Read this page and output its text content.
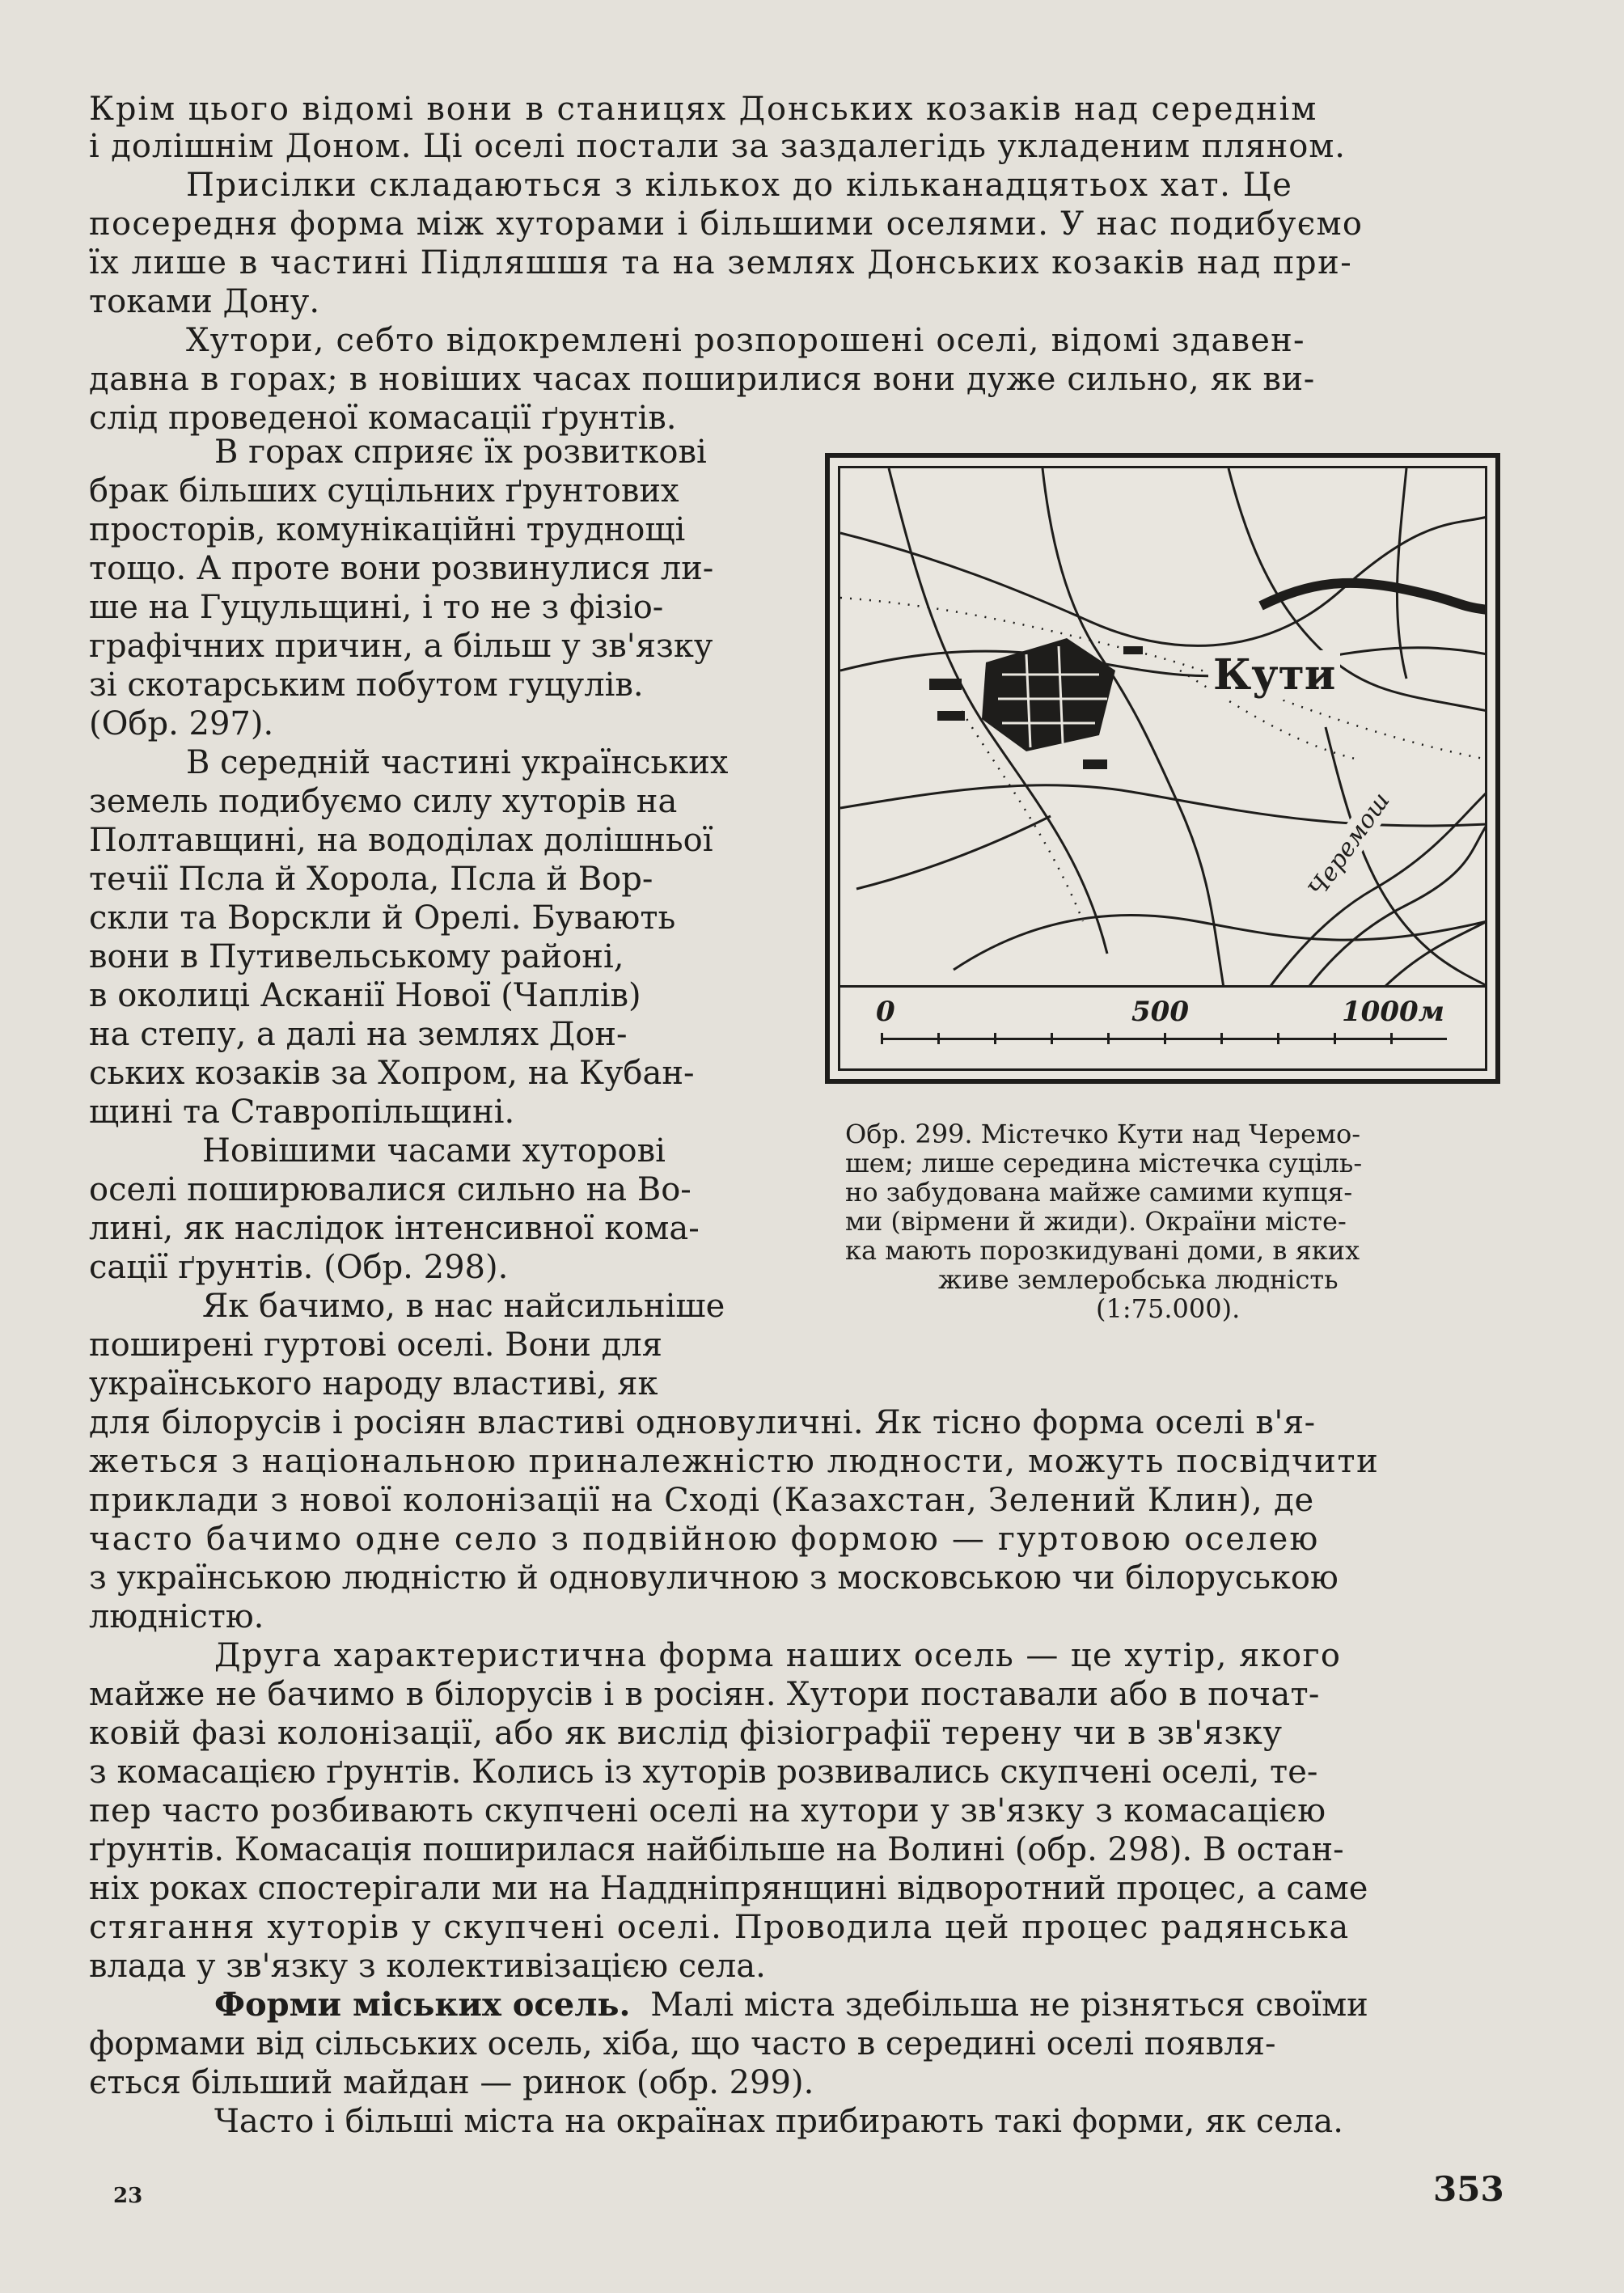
Крім цього відомі вони в станицях Донських козаків над середнім
і долішнім Доном. Ці оселі постали за заздалегідь укладеним пляном.
Присілки складаються з кількох до кільканадцятьох хат. Це
посередня форма між хуторами і більшими оселями. У нас подибуємо
їх лише в частині Підляшшя та на землях Донських козаків над при-
токами Дону.
Хутори, себто відокремлені розпорошені оселі, відомі здавен-
давна в горах; в новіших часах поширилися вони дуже сильно, як ви-
слід проведеної комасації ґрунтів.
В горах сприяє їх розвиткові
брак більших суцільних ґрунтових
просторів, комунікаційні труднощі
тощо. А проте вони розвинулися ли-
ше на Гуцульщині, і то не з фізіо-
графічних причин, а більш у зв'язку
зі скотарським побутом гуцулів.
(Обр. 297).
В середній частині українських
земель подибуємо силу хуторів на
Полтавщині, на вододілах долішньої
течії Псла й Хорола, Псла й Вор-
скли та Ворскли й Орелі. Бувають
вони в Путивельському районі,
в околиці Асканії Нової (Чаплів)
на степу, а далі на землях Дон-
ських козаків за Хопром, на Кубан-
щині та Ставропільщині.
Новішими часами хуторові
оселі поширювалися сильно на Во-
лині, як наслідок інтенсивної кома-
сації ґрунтів. (Обр. 298).
Як бачимо, в нас найсильніше
поширені гуртові оселі. Вони для
українського народу властиві, як
Кути
Черемош
0	500	1000м
Обр. 299. Містечко Кути над Черемо-
шем; лише середина містечка суціль-
но забудована майже самими купця-
ми (вірмени й жиди). Окраїни місте-
ка мають порозкидувані доми, в яких
живе землеробська людність
(1:75.000).
для білорусів і росіян властиві одновуличні. Як тісно форма оселі в'я-
жеться з національною приналежністю людности, можуть посвідчити
приклади з нової колонізації на Сході (Казахстан, Зелений Клин), де
часто бачимо одне село з подвійною формою — гуртовою оселею
з українською людністю й одновуличною з московською чи білоруською
людністю.
Друга характеристична форма наших осель — це хутір, якого
майже не бачимо в білорусів і в росіян. Хутори поставали або в почат-
ковій фазі колонізації, або як вислід фізіографії терену чи в зв'язку
з комасацією ґрунтів. Колись із хуторів розвивались скупчені оселі, те-
пер часто розбивають скупчені оселі на хутори у зв'язку з комасацією
ґрунтів. Комасація поширилася найбільше на Волині (обр. 298). В остан-
ніх роках спостерігали ми на Наддніпрянщині відворотний процес, а саме
стягання хуторів у скупчені оселі. Проводила цей процес радянська
влада у зв'язку з колективізацією села.
Форми міських осель. Малі міста здебільша не різняться своїми
формами від сільських осель, хіба, що часто в середині оселі появля-
ється більший майдан — ринок (обр. 299).
Часто і більші міста на окраїнах прибирають такі форми, як села.
23	353
